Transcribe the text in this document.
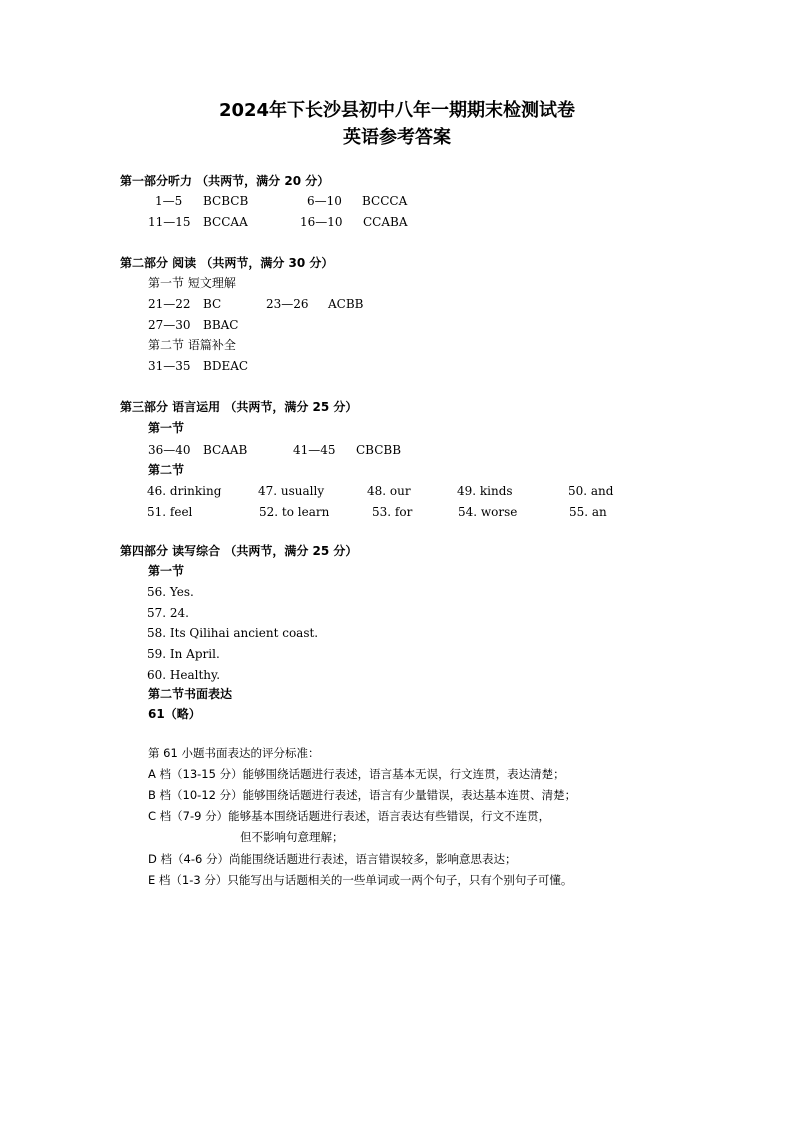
2024年下长沙县初中八年一期期末检测试卷
英语参考答案
第一部分听力 （共两节，满分 20 分）
1—5 BCBCB	6—10 BCCCA
11—15 BCCAA	16—10 CCABA
第二部分 阅读 （共两节，满分 30 分）
第一节 短文理解
21—22 BC	23—26 ACBB
27—30 BBAC
第二节 语篇补全
31—35 BDEAC
第三部分 语言运用 （共两节，满分 25 分）
第一节
36—40 BCAAB	41—45 CBCBB
第二节
46. drinking	47. usually	48. our	49. kinds	50. and
51. feel	52. to learn	53. for	54. worse	55. an
第四部分 读写综合 （共两节，满分 25 分）
第一节
56. Yes.
57. 24.
58. Its Qilihai ancient coast.
59. In April.
60. Healthy.
第二节书面表达
61（略）
第 61 小题书面表达的评分标准：
A 档（13-15 分）能够围绕话题进行表述，语言基本无误，行文连贯，表达清楚；
B 档（10-12 分）能够围绕话题进行表述，语言有少量错误，表达基本连贯、清楚；
C 档（7-9 分）能够基本围绕话题进行表述，语言表达有些错误，行文不连贯，
但不影响句意理解；
D 档（4-6 分）尚能围绕话题进行表述，语言错误较多，影响意思表达；
E 档（1-3 分）只能写出与话题相关的一些单词或一两个句子，只有个别句子可懂。
